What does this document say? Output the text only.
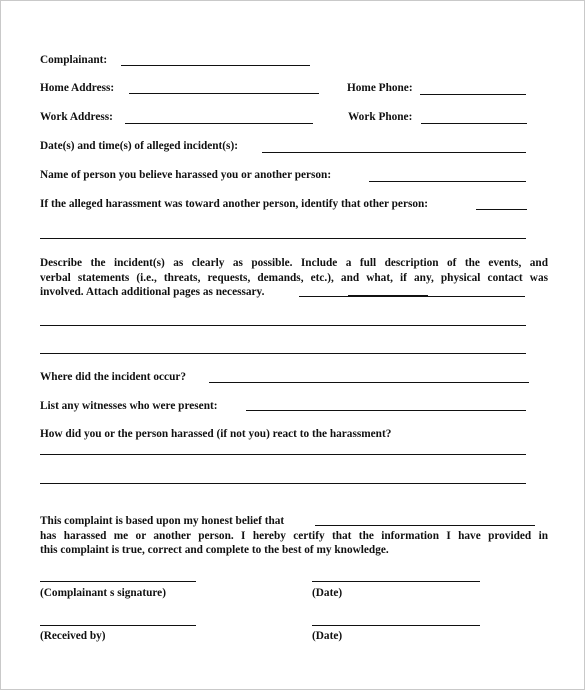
Complainant:
Home Address:	Home Phone:
Work Address:	Work Phone:
Date(s) and time(s) of alleged incident(s):
Name of person you believe harassed you or another person:
If the alleged harassment was toward another person, identify that other person:
Describe the incident(s) as clearly as possible. Include a full description of the events, and
verbal statements (i.e., threats, requests, demands, etc.), and what, if any, physical contact was
involved. Attach additional pages as necessary.
Where did the incident occur?
List any witnesses who were present:
How did you or the person harassed (if not you) react to the harassment?
This complaint is based upon my honest belief that
has harassed me or another person. I hereby certify that the information I have provided in
this complaint is true, correct and complete to the best of my knowledge.
(Complainant s signature)	(Date)
(Received by)	(Date)
